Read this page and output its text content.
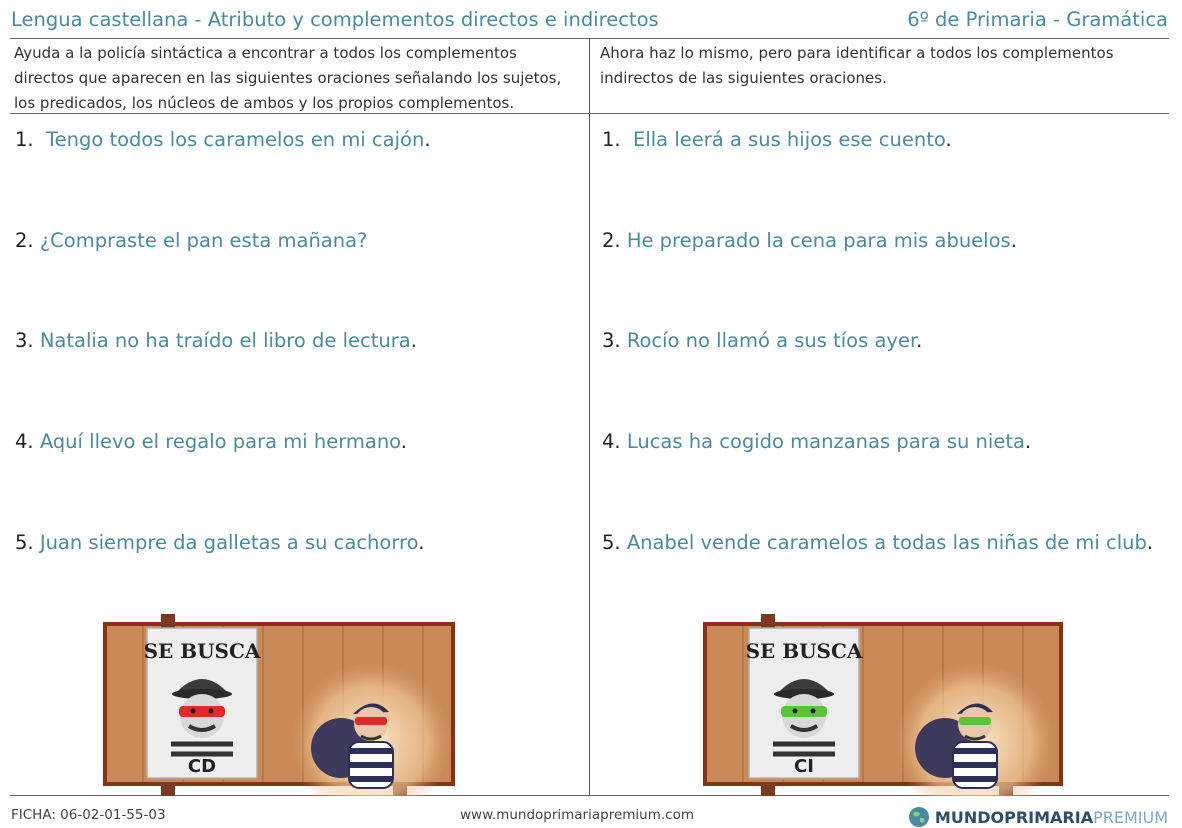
Lengua castellana - Atributo y complementos directos e indirectos	6º de Primaria - Gramática
Ayuda a la policía sintáctica a encontrar a todos los complementos
directos que aparecen en las siguientes oraciones señalando los sujetos,
los predicados, los núcleos de ambos y los propios complementos.
Ahora haz lo mismo, pero para identificar a todos los complementos
indirectos de las siguientes oraciones.
1. Tengo todos los caramelos en mi cajón.
2. ¿Compraste el pan esta mañana?
3. Natalia no ha traído el libro de lectura.
4. Aquí llevo el regalo para mi hermano.
5. Juan siempre da galletas a su cachorro.
1. Ella leerá a sus hijos ese cuento.
2. He preparado la cena para mis abuelos.
3. Rocío no llamó a sus tíos ayer.
4. Lucas ha cogido manzanas para su nieta.
5. Anabel vende caramelos a todas las niñas de mi club.
SE BUSCA
CD
SE BUSCA
CI
FICHA: 06-02-01-55-03	www.mundoprimariapremium.com	MUNDO PRIMARIA PREMIUM
